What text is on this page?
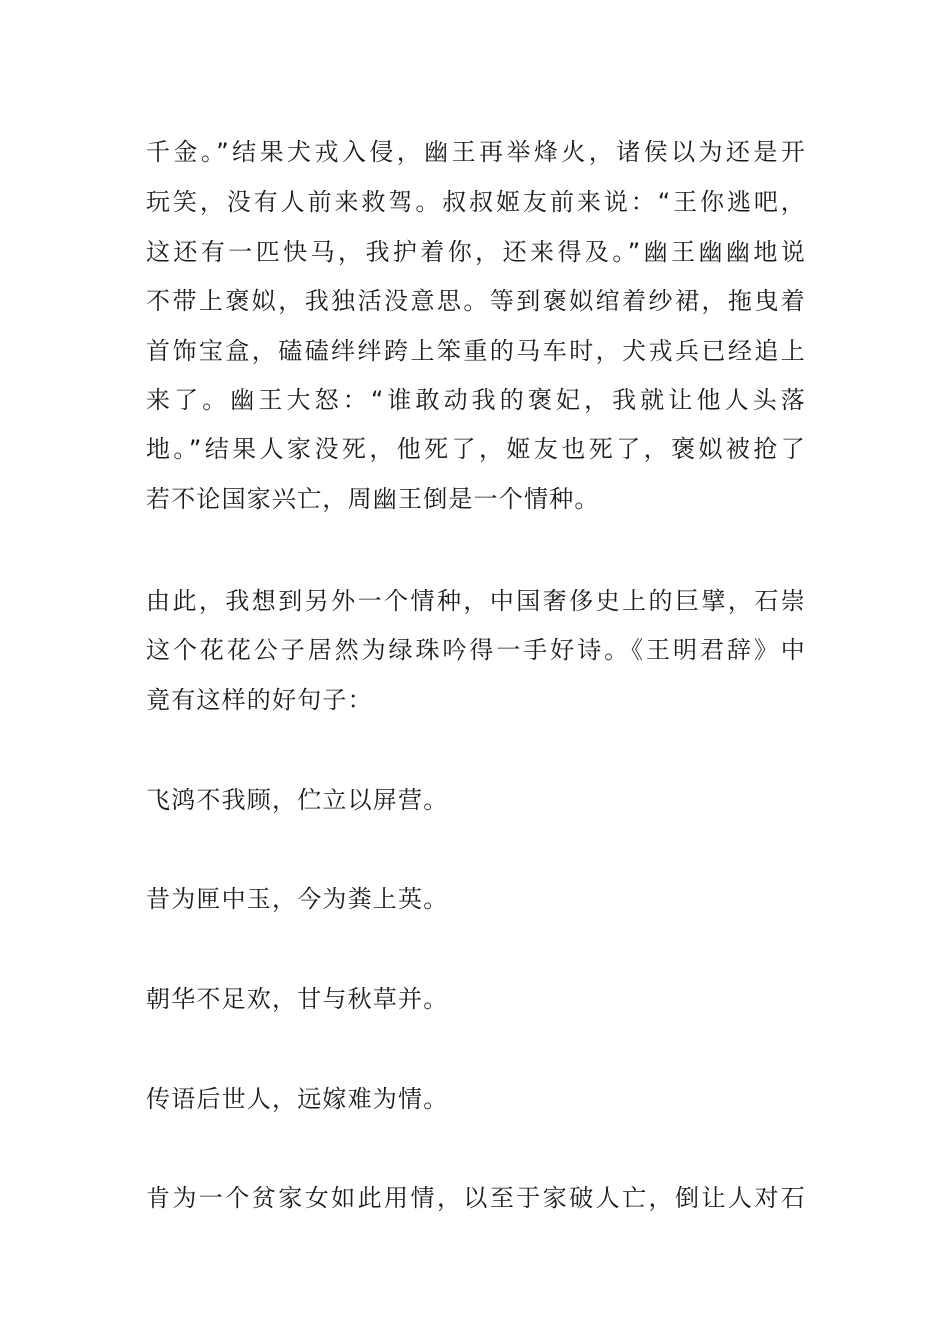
千金。”结果犬戎入侵，幽王再举烽火，诸侯以为还是开
玩笑，没有人前来救驾。叔叔姬友前来说：“王你逃吧，
这还有一匹快马，我护着你，还来得及。”幽王幽幽地说
不带上褒姒，我独活没意思。等到褒姒绾着纱裙，拖曳着
首饰宝盒，磕磕绊绊跨上笨重的马车时，犬戎兵已经追上
来了。幽王大怒：“谁敢动我的褒妃，我就让他人头落
地。”结果人家没死，他死了，姬友也死了，褒姒被抢了
若不论国家兴亡，周幽王倒是一个情种。
由此，我想到另外一个情种，中国奢侈史上的巨擘，石崇
这个花花公子居然为绿珠吟得一手好诗。《王明君辞》中
竟有这样的好句子：
飞鸿不我顾，伫立以屏营。
昔为匣中玉，今为粪上英。
朝华不足欢，甘与秋草并。
传语后世人，远嫁难为情。
肯为一个贫家女如此用情，以至于家破人亡，倒让人对石
